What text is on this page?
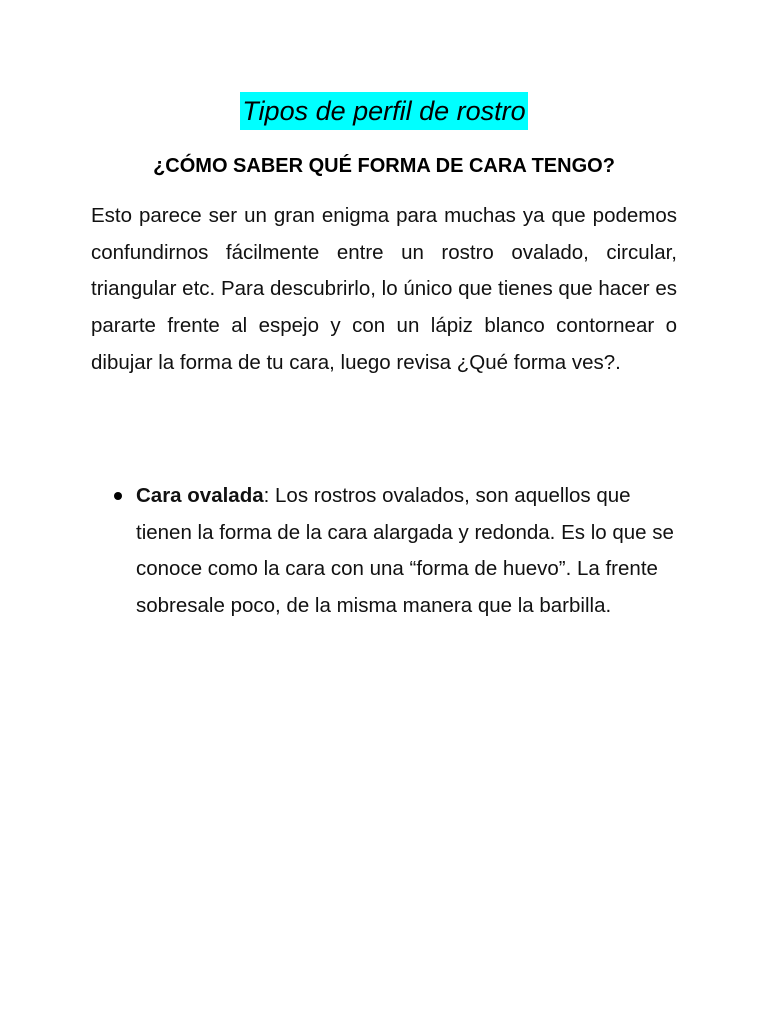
Tipos de perfil de rostro
¿CÓMO SABER QUÉ FORMA DE CARA TENGO?

Esto parece ser un gran enigma para muchas ya que podemos confundirnos fácilmente entre un rostro ovalado, circular, triangular etc. Para descubrirlo, lo único que tienes que hacer es pararte frente al espejo y con un lápiz blanco contornear o dibujar la forma de tu cara, luego revisa ¿Qué forma ves?.

Cara ovalada: Los rostros ovalados, son aquellos que tienen la forma de la cara alargada y redonda. Es lo que se conoce como la cara con una “forma de huevo”. La frente sobresale poco, de la misma manera que la barbilla.
